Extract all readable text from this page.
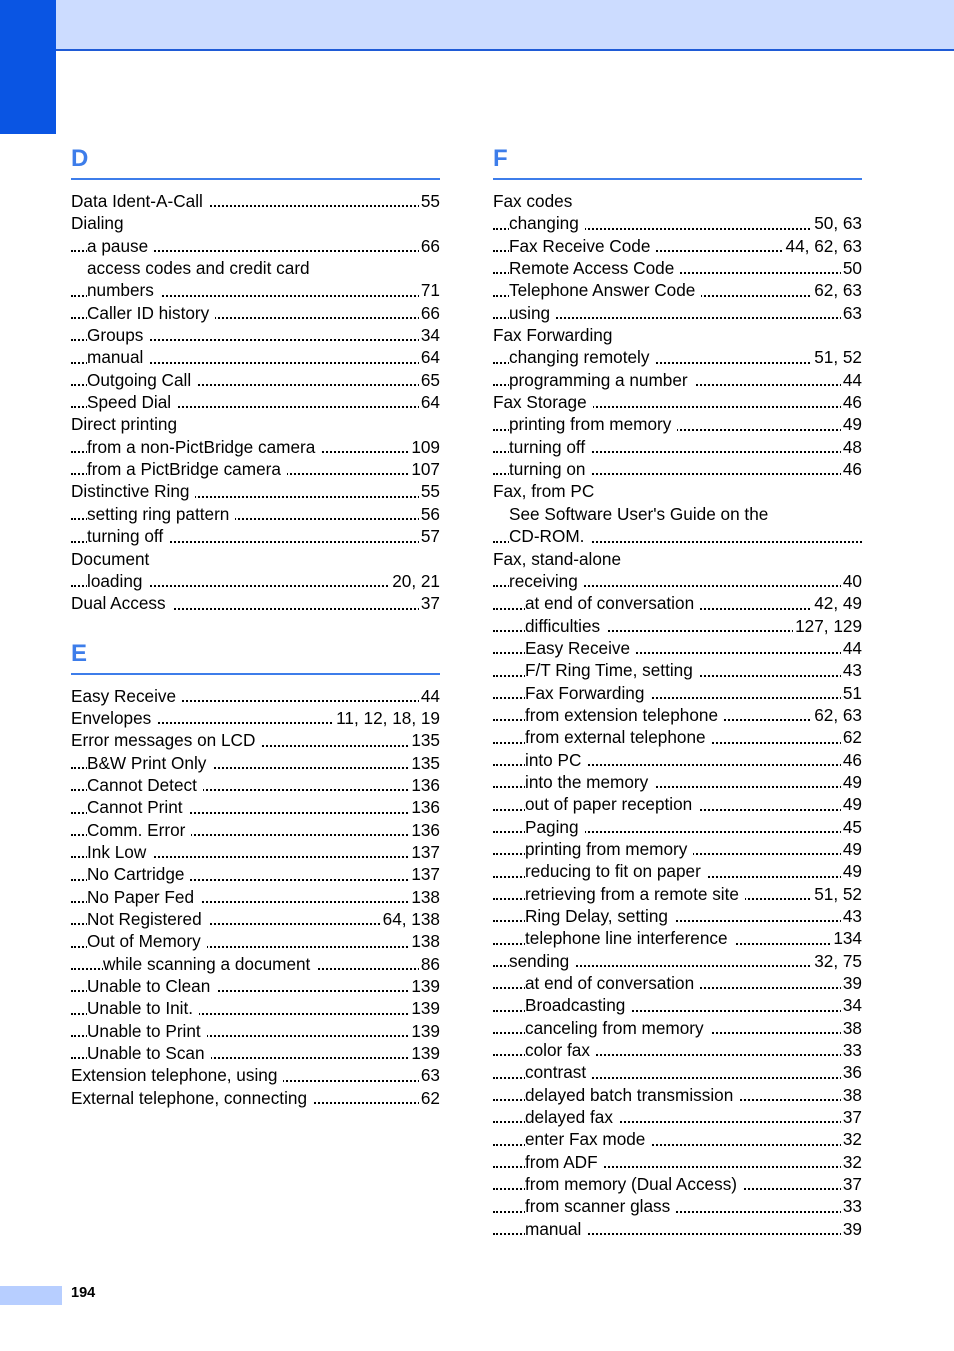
D
Data Ident-A-Call	55
Dialing
a pause	66
access codes and credit card
numbers	71
Caller ID history	66
Groups	34
manual	64
Outgoing Call	65
Speed Dial	64
Direct printing
from a non-PictBridge camera	109
from a PictBridge camera	107
Distinctive Ring	55
setting ring pattern	56
turning off	57
Document
loading	20, 21
Dual Access	37
E
Easy Receive	44
Envelopes	11, 12, 18, 19
Error messages on LCD	135
B&W Print Only	135
Cannot Detect	136
Cannot Print	136
Comm. Error	136
Ink Low	137
No Cartridge	137
No Paper Fed	138
Not Registered	64, 138
Out of Memory	138
while scanning a document	86
Unable to Clean	139
Unable to Init.	139
Unable to Print	139
Unable to Scan	139
Extension telephone, using	63
External telephone, connecting	62
F
Fax codes
changing	50, 63
Fax Receive Code	44, 62, 63
Remote Access Code	50
Telephone Answer Code	62, 63
using	63
Fax Forwarding
changing remotely	51, 52
programming a number	44
Fax Storage	46
printing from memory	49
turning off	48
turning on	46
Fax, from PC
See Software User's Guide on the
CD-ROM.
Fax, stand-alone
receiving	40
at end of conversation	42, 49
difficulties	127, 129
Easy Receive	44
F/T Ring Time, setting	43
Fax Forwarding	51
from extension telephone	62, 63
from external telephone	62
into PC	46
into the memory	49
out of paper reception	49
Paging	45
printing from memory	49
reducing to fit on paper	49
retrieving from a remote site	51, 52
Ring Delay, setting	43
telephone line interference	134
sending	32, 75
at end of conversation	39
Broadcasting	34
canceling from memory	38
color fax	33
contrast	36
delayed batch transmission	38
delayed fax	37
enter Fax mode	32
from ADF	32
from memory (Dual Access)	37
from scanner glass	33
manual	39
194
